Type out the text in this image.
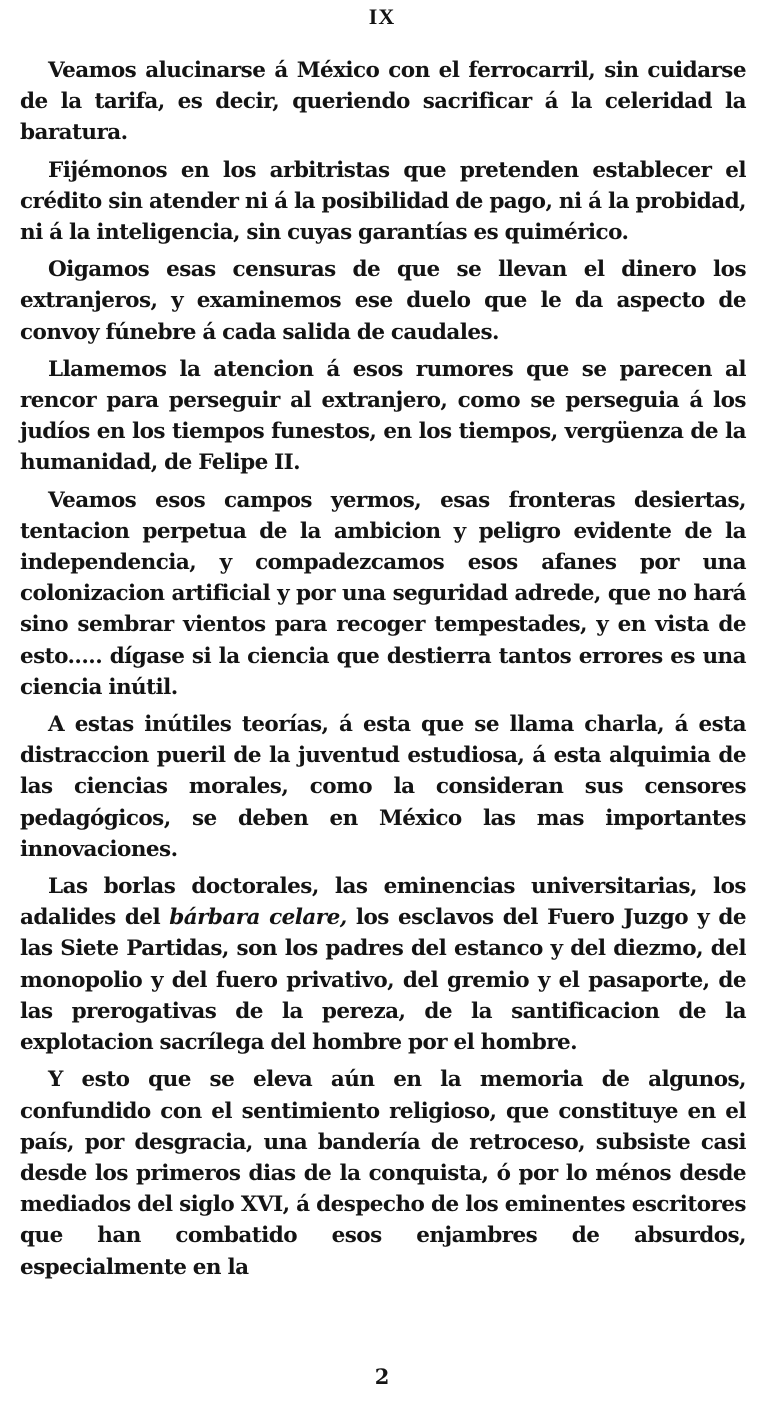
IX

Veamos alucinarse á México con el ferrocarril, sin cuidarse de la tarifa, es decir, queriendo sacrificar á la celeridad la baratura.

Fijémonos en los arbitristas que pretenden establecer el crédito sin atender ni á la posibilidad de pago, ni á la probidad, ni á la inteligencia, sin cuyas garantías es quimérico.

Oigamos esas censuras de que se llevan el dinero los extranjeros, y examinemos ese duelo que le da aspecto de convoy fúnebre á cada salida de caudales.

Llamemos la atencion á esos rumores que se parecen al rencor para perseguir al extranjero, como se perseguia á los judíos en los tiempos funestos, en los tiempos, vergüenza de la humanidad, de Felipe II.

Veamos esos campos yermos, esas fronteras desiertas, tentacion perpetua de la ambicion y peligro evidente de la independencia, y compadezcamos esos afanes por una colonizacion artificial y por una seguridad adrede, que no hará sino sembrar vientos para recoger tempestades, y en vista de esto..... dígase si la ciencia que destierra tantos errores es una ciencia inútil.

A estas inútiles teorías, á esta que se llama charla, á esta distraccion pueril de la juventud estudiosa, á esta alquimia de las ciencias morales, como la consideran sus censores pedagógicos, se deben en México las mas importantes innovaciones.

Las borlas doctorales, las eminencias universitarias, los adalides del bárbara celare, los esclavos del Fuero Juzgo y de las Siete Partidas, son los padres del estanco y del diezmo, del monopolio y del fuero privativo, del gremio y el pasaporte, de las prerogativas de la pereza, de la santificacion de la explotacion sacrílega del hombre por el hombre.

Y esto que se eleva aún en la memoria de algunos, confundido con el sentimiento religioso, que constituye en el país, por desgracia, una bandería de retroceso, subsiste casi desde los primeros dias de la conquista, ó por lo ménos desde mediados del siglo XVI, á despecho de los eminentes escritores que han combatido esos enjambres de absurdos, especialmente en la

2
